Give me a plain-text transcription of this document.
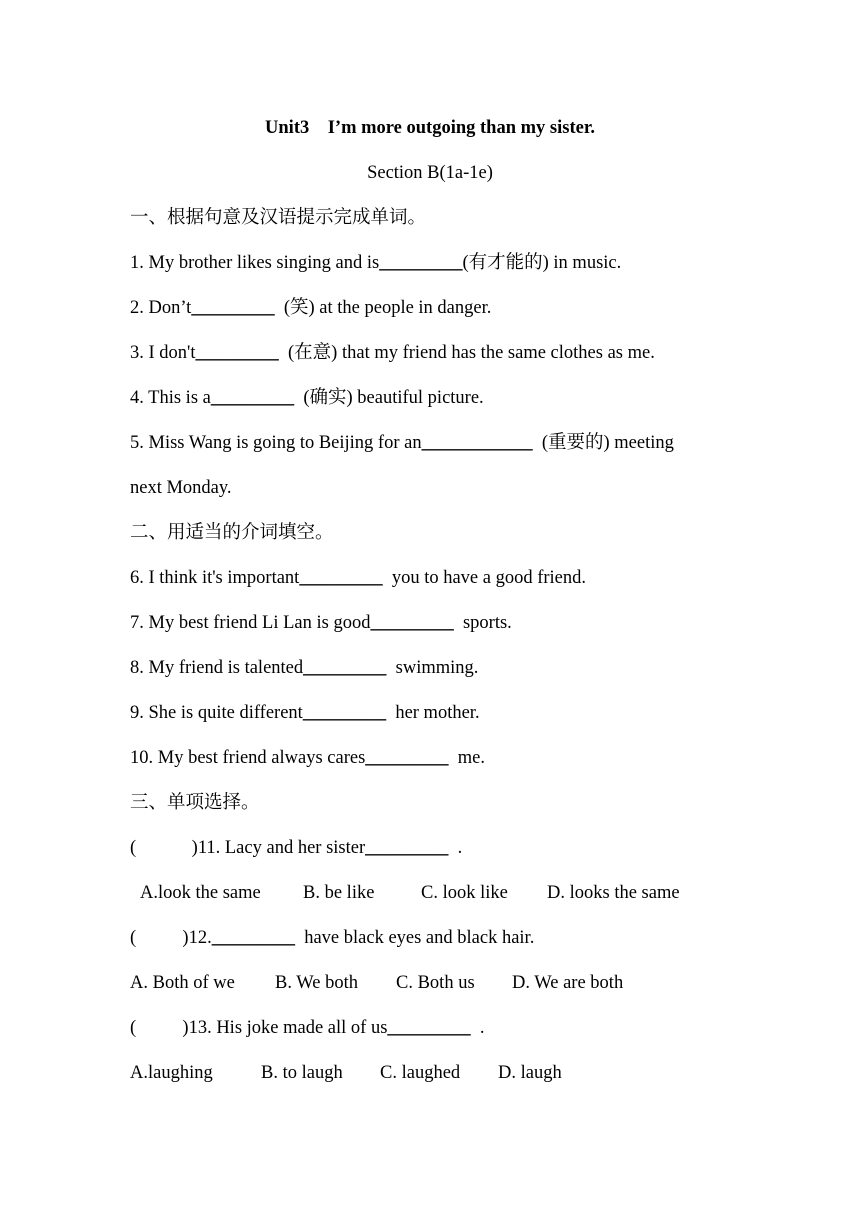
Unit3    I’m more outgoing than my sister.
Section B(1a-1e)
一、根据句意及汉语提示完成单词。
1. My brother likes singing and is_________(有才能的) in music.
2. Don’t_________  (笑) at the people in danger.
3. I don't_________  (在意) that my friend has the same clothes as me.
4. This is a_________  (确实) beautiful picture.
5. Miss Wang is going to Beijing for an____________  (重要的) meeting
next Monday.
二、用适当的介词填空。
6. I think it's important_________  you to have a good friend.
7. My best friend Li Lan is good_________  sports.
8. My friend is talented_________  swimming.
9. She is quite different_________  her mother.
10. My best friend always cares_________  me.
三、单项选择。
(            )11. Lacy and her sister_________  .
A.look the same B. be like	C. look like D. looks the same
(          )12._________  have black eyes and black hair.
A. Both of we B. We both C. Both us D. We are both
(          )13. His joke made all of us_________  .
A.laughing	B. to laugh C. laughed D. laugh
